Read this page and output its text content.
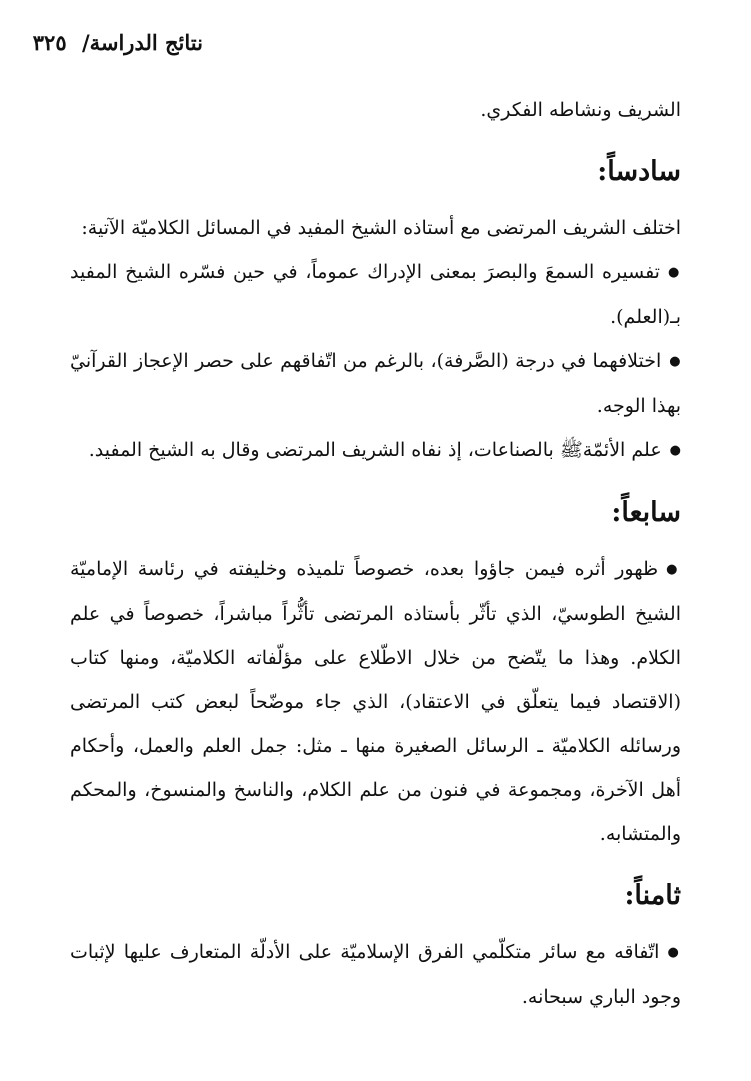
نتائج الدراسة/ ٣٢٥

الشريف ونشاطه الفكري.

سادساً:

اختلف الشريف المرتضى مع أستاذه الشيخ المفيد في المسائل الكلاميّة الآتية:

● تفسيره السمعَ والبصرَ بمعنى الإدراك عموماً، في حين فسّره الشيخ المفيد بـ(العلم).

● اختلافهما في درجة (الصَّرفة)، بالرغم من اتّفاقهم على حصر الإعجاز القرآنيّ بهذا الوجه.

● علم الأئمّةﷺ بالصناعات، إذ نفاه الشريف المرتضى وقال به الشيخ المفيد.

سابعاً:

● ظهور أثره فيمن جاؤوا بعده، خصوصاً تلميذه وخليفته في رئاسة الإماميّة الشيخ الطوسيّ، الذي تأثّر بأستاذه المرتضى تأثُّراً مباشراً، خصوصاً في علم الكلام. وهذا ما يتّضح من خلال الاطّلاع على مؤلّفاته الكلاميّة، ومنها كتاب (الاقتصاد فيما يتعلّق في الاعتقاد)، الذي جاء موضّحاً لبعض كتب المرتضى ورسائله الكلاميّة ـ الرسائل الصغيرة منها ـ مثل: جمل العلم والعمل، وأحكام أهل الآخرة، ومجموعة في فنون من علم الكلام، والناسخ والمنسوخ، والمحكم والمتشابه.

ثامناً:

● اتّفاقه مع سائر متكلّمي الفرق الإسلاميّة على الأدلّة المتعارف عليها لإثبات وجود الباري سبحانه.
